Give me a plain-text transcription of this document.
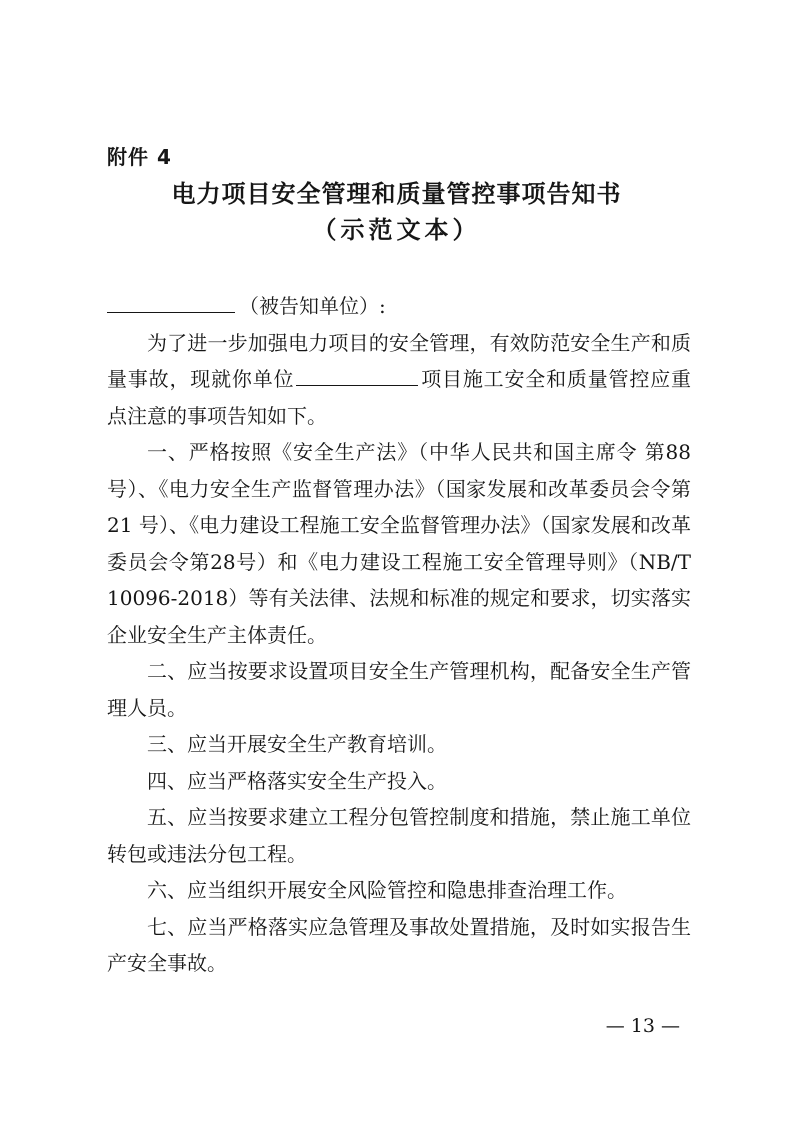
附件 4
电力项目安全管理和质量管控事项告知书
（示范文本）

（被告知单位）:

为了进一步加强电力项目的安全管理，有效防范安全生产和质量事故，现就你单位	项目施工安全和质量管控应重点注意的事项告知如下。

一、严格按照《安全生产法》（中华人民共和国主席令 第88号）、《电力安全生产监督管理办法》（国家发展和改革委员会令第 21 号）、《电力建设工程施工安全监督管理办法》（国家发展和改革委员会令第28号）和《电力建设工程施工安全管理导则》（NB/T 10096-2018）等有关法律、法规和标准的规定和要求，切实落实企业安全生产主体责任。

二、应当按要求设置项目安全生产管理机构，配备安全生产管理人员。

三、应当开展安全生产教育培训。

四、应当严格落实安全生产投入。

五、应当按要求建立工程分包管控制度和措施，禁止施工单位转包或违法分包工程。

六、应当组织开展安全风险管控和隐患排查治理工作。

七、应当严格落实应急管理及事故处置措施，及时如实报告生产安全事故。

— 13 —
